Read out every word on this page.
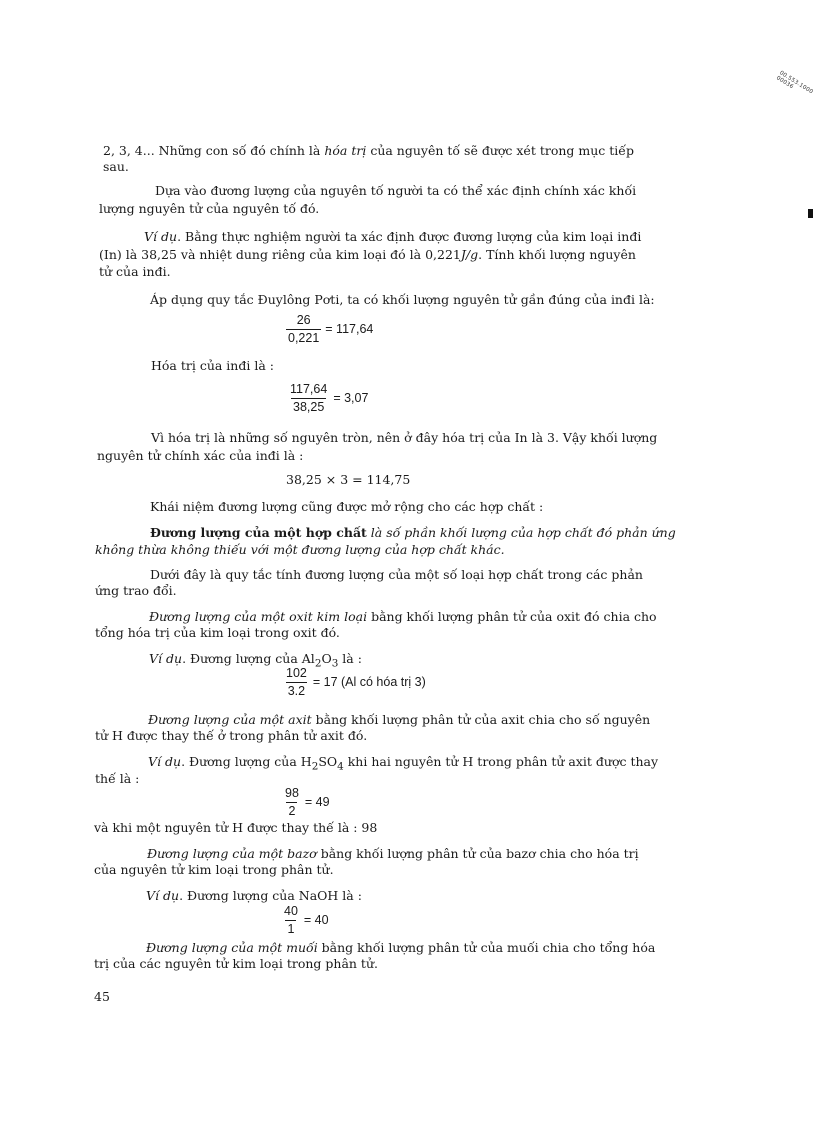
00.553.1000 00036
2, 3, 4... Những con số đó chính là hóa trị của nguyên tố sẽ được xét trong mục tiếp
sau.
Dựa vào đương lượng của nguyên tố người ta có thể xác định chính xác khối
lượng nguyên tử của nguyên tố đó.
Ví dụ. Bằng thực nghiệm người ta xác định được đương lượng của kim loại inđi
(In) là 38,25 và nhiệt dung riêng của kim loại đó là 0,221J/g. Tính khối lượng nguyên
tử của inđi.
Áp dụng quy tắc Đuylông Pơti, ta có khối lượng nguyên tử gần đúng của inđi là:
$\frac{26}{0,221} = 117,64$
Hóa trị của inđi là :
$\frac{117,64}{38,25} = 3,07$
Vì hóa trị là những số nguyên tròn, nên ở đây hóa trị của In là 3. Vậy khối lượng
nguyên tử chính xác của inđi là :
38,25 × 3 = 114,75
Khái niệm đương lượng cũng được mở rộng cho các hợp chất :
Đương lượng của một hợp chất là số phần khối lượng của hợp chất đó phản ứng
không thừa không thiếu với một đương lượng của hợp chất khác.
Dưới đây là quy tắc tính đương lượng của một số loại hợp chất trong các phản
ứng trao đổi.
Đương lượng của một oxit kim loại bằng khối lượng phân tử của oxit đó chia cho
tổng hóa trị của kim loại trong oxit đó.
Ví dụ. Đương lượng của $Al_2O_3$ là :
$\frac{102}{3.2} = 17$ (Al có hóa trị 3)
Đương lượng của một axit bằng khối lượng phân tử của axit chia cho số nguyên
tử H được thay thế ở trong phân tử axit đó.
Ví dụ. Đương lượng của $H_2SO_4$ khi hai nguyên tử H trong phân tử axit được thay
thế là :
$\frac{98}{2} = 49$
và khi một nguyên tử H được thay thế là : 98
Đương lượng của một bazơ bằng khối lượng phân tử của bazơ chia cho hóa trị
của nguyên tử kim loại trong phân tử.
Ví dụ. Đương lượng của NaOH là :
$\frac{40}{1} = 40$
Đương lượng của một muối bằng khối lượng phân tử của muối chia cho tổng hóa
trị của các nguyên tử kim loại trong phân tử.
45
